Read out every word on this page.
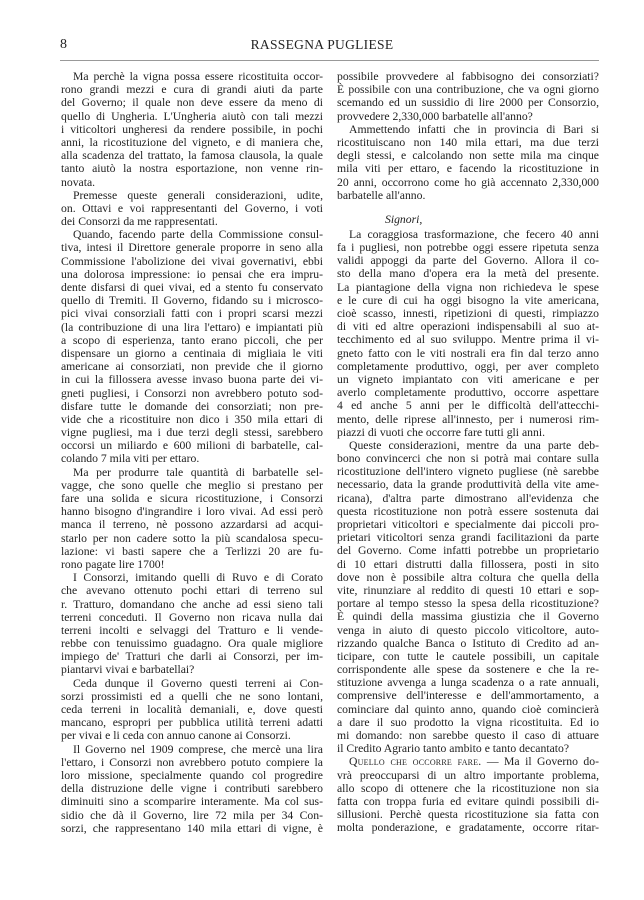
8	RASSEGNA PUGLIESE
Ma perchè la vigna possa essere ricostituita occor-
rono grandi mezzi e cura di grandi aiuti da parte
del Governo; il quale non deve essere da meno di
quello di Ungheria. L'Ungheria aiutò con tali mezzi
i viticoltori ungheresi da rendere possibile, in pochi
anni, la ricostituzione del vigneto, e di maniera che,
alla scadenza del trattato, la famosa clausola, la quale
tanto aiutò la nostra esportazione, non venne rin-
novata.
Premesse queste generali considerazioni, udite,
on. Ottavi e voi rappresentanti del Governo, i voti
dei Consorzi da me rappresentati.
Quando, facendo parte della Commissione consul-
tiva, intesi il Direttore generale proporre in seno alla
Commissione l'abolizione dei vivai governativi, ebbi
una dolorosa impressione: io pensai che era impru-
dente disfarsi di quei vivai, ed a stento fu conservato
quello di Tremiti. Il Governo, fidando su i microsco-
pici vivai consorziali fatti con i propri scarsi mezzi
(la contribuzione di una lira l'ettaro) e impiantati più
a scopo di esperienza, tanto erano piccoli, che per
dispensare un giorno a centinaia di migliaia le viti
americane ai consorziati, non previde che il giorno
in cui la fillossera avesse invaso buona parte dei vi-
gneti pugliesi, i Consorzi non avrebbero potuto sod-
disfare tutte le domande dei consorziati; non pre-
vide che a ricostituire non dico i 350 mila ettari di
vigne pugliesi, ma i due terzi degli stessi, sarebbero
occorsi un miliardo e 600 milioni di barbatelle, cal-
colando 7 mila viti per ettaro.
Ma per produrre tale quantità di barbatelle sel-
vagge, che sono quelle che meglio si prestano per
fare una solida e sicura ricostituzione, i Consorzi
hanno bisogno d'ingrandire i loro vivai. Ad essi però
manca il terreno, nè possono azzardarsi ad acqui-
starlo per non cadere sotto la più scandalosa specu-
lazione: vi basti sapere che a Terlizzi 20 are fu-
rono pagate lire 1700!
I Consorzi, imitando quelli di Ruvo e di Corato
che avevano ottenuto pochi ettari di terreno sul
r. Tratturo, domandano che anche ad essi sieno tali
terreni conceduti. Il Governo non ricava nulla dai
terreni incolti e selvaggi del Tratturo e li vende-
rebbe con tenuissimo guadagno. Ora quale migliore
impiego de' Tratturi che darli ai Consorzi, per im-
piantarvi vivai e barbatellai?
Ceda dunque il Governo questi terreni ai Con-
sorzi prossimisti ed a quelli che ne sono lontani,
ceda terreni in località demaniali, e, dove questi
mancano, espropri per pubblica utilità terreni adatti
per vivai e li ceda con annuo canone ai Consorzi.
Il Governo nel 1909 comprese, che mercè una lira
l'ettaro, i Consorzi non avrebbero potuto compiere la
loro missione, specialmente quando col progredire
della distruzione delle vigne i contributi sarebbero
diminuiti sino a scomparire interamente. Ma col sus-
sidio che dà il Governo, lire 72 mila per 34 Con-
sorzi, che rappresentano 140 mila ettari di vigne, è
possibile provvedere al fabbisogno dei consorziati?
È possibile con una contribuzione, che va ogni giorno
scemando ed un sussidio di lire 2000 per Consorzio,
provvedere 2,330,000 barbatelle all'anno?
Ammettendo infatti che in provincia di Bari si
ricostituiscano non 140 mila ettari, ma due terzi
degli stessi, e calcolando non sette mila ma cinque
mila viti per ettaro, e facendo la ricostituzione in
20 anni, occorrono come ho già accennato 2,330,000
barbatelle all'anno.
Signori,
La coraggiosa trasformazione, che fecero 40 anni
fa i pugliesi, non potrebbe oggi essere ripetuta senza
validi appoggi da parte del Governo. Allora il co-
sto della mano d'opera era la metà del presente.
La piantagione della vigna non richiedeva le spese
e le cure di cui ha oggi bisogno la vite americana,
cioè scasso, innesti, ripetizioni di questi, rimpiazzo
di viti ed altre operazioni indispensabili al suo at-
tecchimento ed al suo sviluppo. Mentre prima il vi-
gneto fatto con le viti nostrali era fin dal terzo anno
completamente produttivo, oggi, per aver completo
un vigneto impiantato con viti americane e per
averlo completamente produttivo, occorre aspettare
4 ed anche 5 anni per le difficoltà dell'attecchi-
mento, delle riprese all'innesto, per i numerosi rim-
piazzi di vuoti che occorre fare tutti gli anni.
Queste considerazioni, mentre da una parte deb-
bono convincerci che non si potrà mai contare sulla
ricostituzione dell'intero vigneto pugliese (nè sarebbe
necessario, data la grande produttività della vite ame-
ricana), d'altra parte dimostrano all'evidenza che
questa ricostituzione non potrà essere sostenuta dai
proprietari viticoltori e specialmente dai piccoli pro-
prietari viticoltori senza grandi facilitazioni da parte
del Governo. Come infatti potrebbe un proprietario
di 10 ettari distrutti dalla fillossera, posti in sito
dove non è possibile altra coltura che quella della
vite, rinunziare al reddito di questi 10 ettari e sop-
portare al tempo stesso la spesa della ricostituzione?
È quindi della massima giustizia che il Governo
venga in aiuto di questo piccolo viticoltore, auto-
rizzando qualche Banca o Istituto di Credito ad an-
ticipare, con tutte le cautele possibili, un capitale
corrispondente alle spese da sostenere e che la re-
stituzione avvenga a lunga scadenza o a rate annuali,
comprensive dell'interesse e dell'ammortamento, a
cominciare dal quinto anno, quando cioè comincierà
a dare il suo prodotto la vigna ricostituita. Ed io
mi domando: non sarebbe questo il caso di attuare
il Credito Agrario tanto ambito e tanto decantato?
Quello che occorre fare. — Ma il Governo do-
vrà preoccuparsi di un altro importante problema,
allo scopo di ottenere che la ricostituzione non sia
fatta con troppa furia ed evitare quindi possibili di-
sillusioni. Perchè questa ricostituzione sia fatta con
molta ponderazione, e gradatamente, occorre ritar-
